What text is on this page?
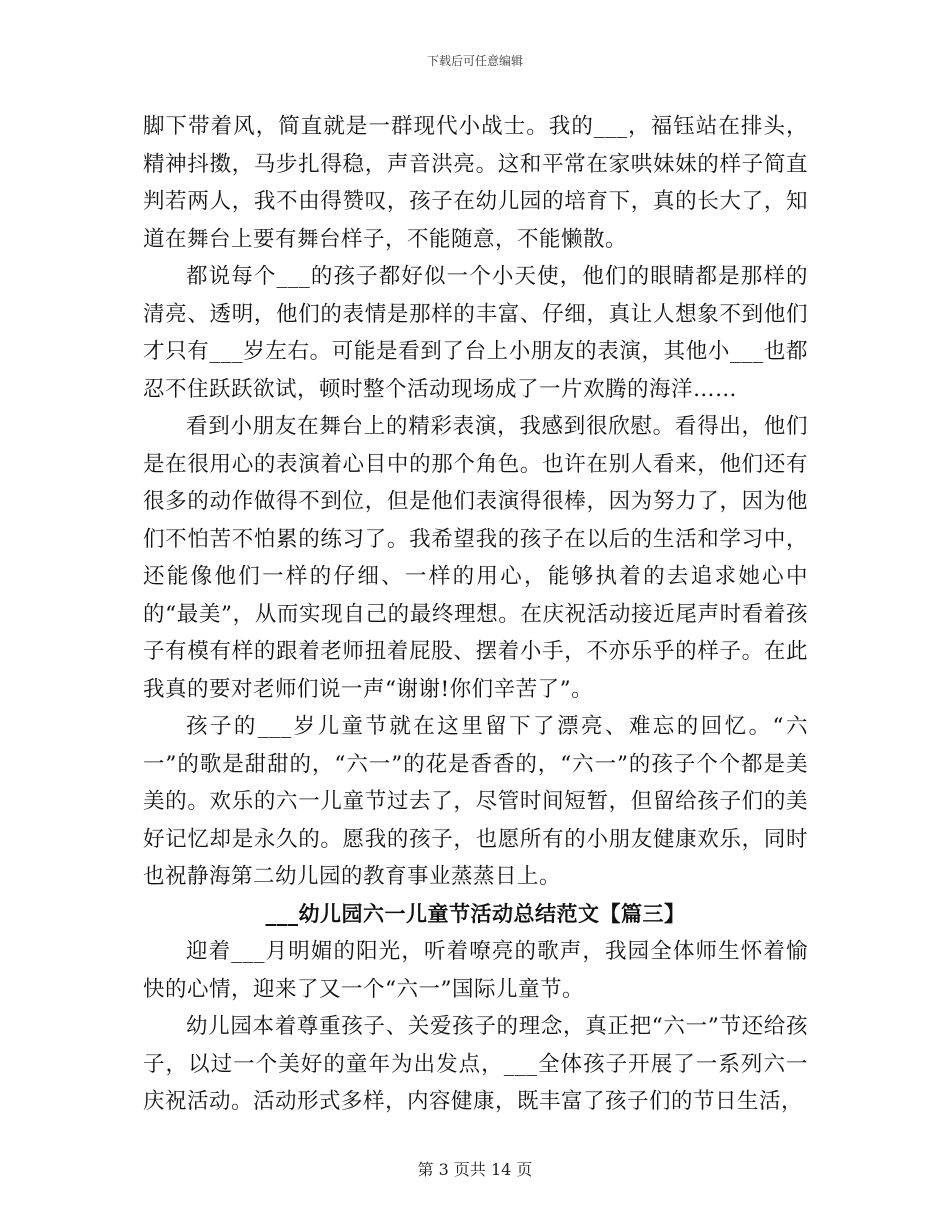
下载后可任意编辑

脚下带着风，简直就是一群现代小战士。我的___，福钰站在排头，精神抖擞，马步扎得稳，声音洪亮。这和平常在家哄妹妹的样子简直判若两人，我不由得赞叹，孩子在幼儿园的培育下，真的长大了，知道在舞台上要有舞台样子，不能随意，不能懒散。

都说每个___的孩子都好似一个小天使，他们的眼睛都是那样的清亮、透明，他们的表情是那样的丰富、仔细，真让人想象不到他们才只有___岁左右。可能是看到了台上小朋友的表演，其他小___也都忍不住跃跃欲试，顿时整个活动现场成了一片欢腾的海洋……

看到小朋友在舞台上的精彩表演，我感到很欣慰。看得出，他们是在很用心的表演着心目中的那个角色。也许在别人看来，他们还有很多的动作做得不到位，但是他们表演得很棒，因为努力了，因为他们不怕苦不怕累的练习了。我希望我的孩子在以后的生活和学习中，还能像他们一样的仔细、一样的用心，能够执着的去追求她心中的“最美”，从而实现自己的最终理想。在庆祝活动接近尾声时看着孩子有模有样的跟着老师扭着屁股、摆着小手，不亦乐乎的样子。在此我真的要对老师们说一声“谢谢!你们辛苦了”。

孩子的___岁儿童节就在这里留下了漂亮、难忘的回忆。“六一”的歌是甜甜的，“六一”的花是香香的，“六一”的孩子个个都是美美的。欢乐的六一儿童节过去了，尽管时间短暂，但留给孩子们的美好记忆却是永久的。愿我的孩子，也愿所有的小朋友健康欢乐，同时也祝静海第二幼儿园的教育事业蒸蒸日上。

___幼儿园六一儿童节活动总结范文【篇三】

迎着___月明媚的阳光，听着嘹亮的歌声，我园全体师生怀着愉快的心情，迎来了又一个“六一”国际儿童节。

幼儿园本着尊重孩子、关爱孩子的理念，真正把“六一”节还给孩子，以过一个美好的童年为出发点，___全体孩子开展了一系列六一庆祝活动。活动形式多样，内容健康，既丰富了孩子们的节日生活，

第 3 页共 14 页
